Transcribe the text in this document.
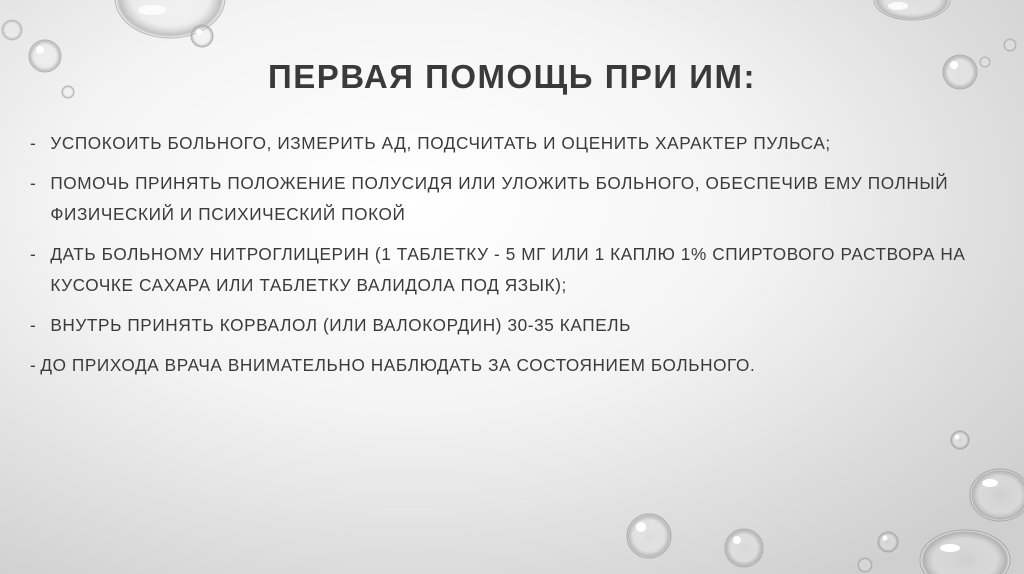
ПЕРВАЯ ПОМОЩЬ ПРИ ИМ:
- УСПОКОИТЬ БОЛЬНОГО, ИЗМЕРИТЬ АД, ПОДСЧИТАТЬ И ОЦЕНИТЬ ХАРАКТЕР ПУЛЬСА;
- ПОМОЧЬ ПРИНЯТЬ ПОЛОЖЕНИЕ ПОЛУСИДЯ ИЛИ УЛОЖИТЬ БОЛЬНОГО, ОБЕСПЕЧИВ ЕМУ ПОЛНЫЙ ФИЗИЧЕСКИЙ И ПСИХИЧЕСКИЙ ПОКОЙ
- ДАТЬ БОЛЬНОМУ НИТРОГЛИЦЕРИН (1 ТАБЛЕТКУ - 5 МГ ИЛИ 1 КАПЛЮ 1% СПИРТОВОГО РАСТВОРА НА КУСОЧКЕ САХАРА ИЛИ ТАБЛЕТКУ ВАЛИДОЛА ПОД ЯЗЫК);
- ВНУТРЬ ПРИНЯТЬ КОРВАЛОЛ (ИЛИ ВАЛОКОРДИН) 30-35 КАПЕЛЬ
- ДО ПРИХОДА ВРАЧА ВНИМАТЕЛЬНО НАБЛЮДАТЬ ЗА СОСТОЯНИЕМ БОЛЬНОГО.
